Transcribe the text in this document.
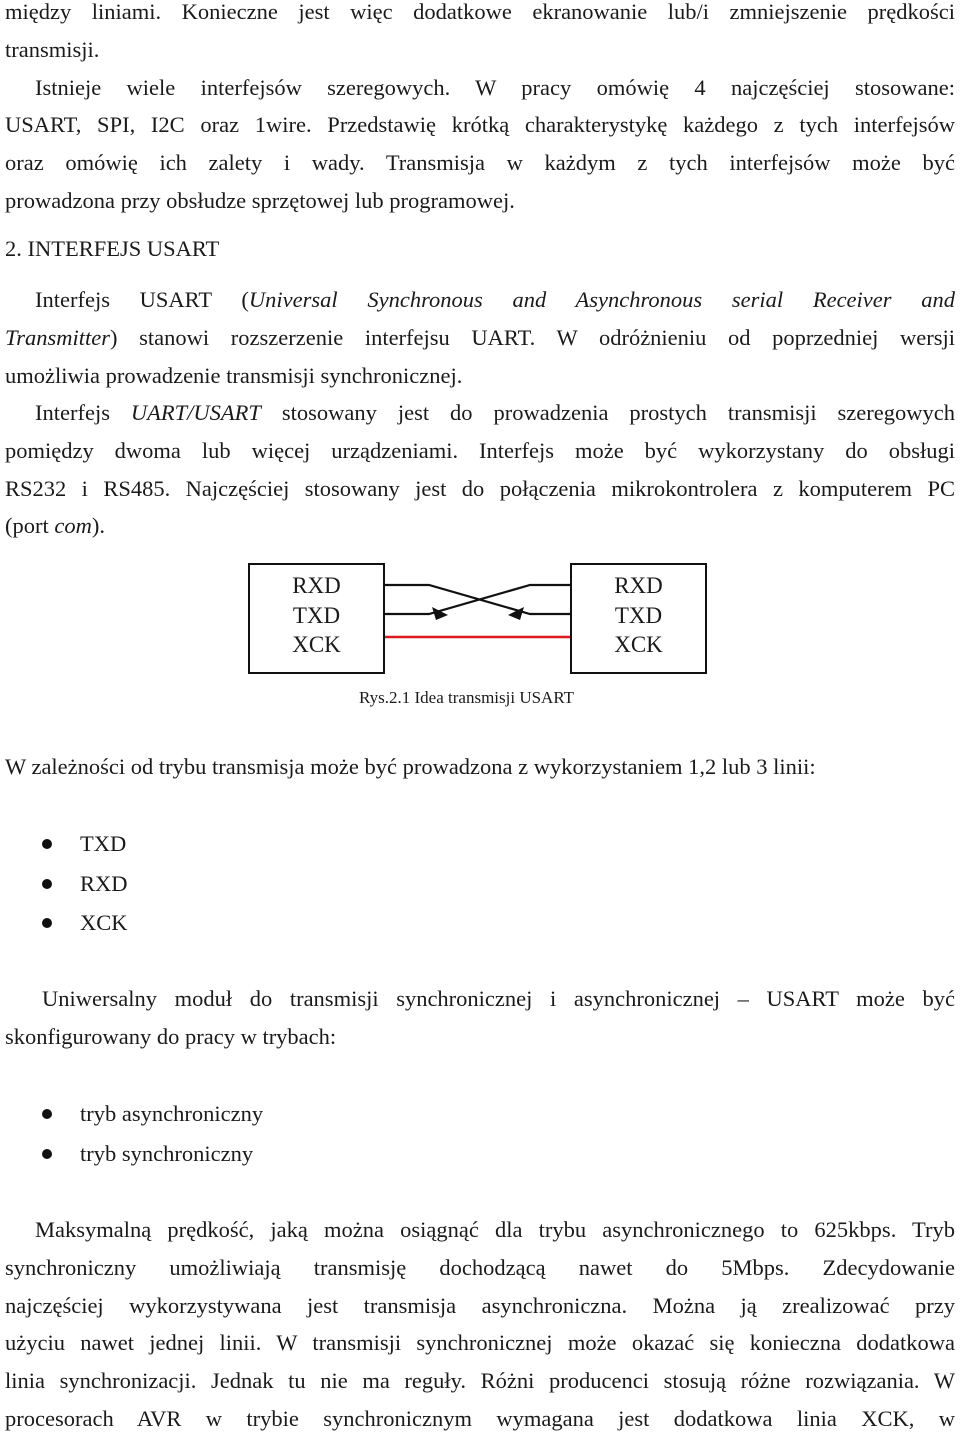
między liniami. Konieczne jest więc dodatkowe ekranowanie lub/i zmniejszenie prędkości
transmisji.
Istnieje wiele interfejsów szeregowych. W pracy omówię 4 najczęściej stosowane:
USART, SPI, I2C oraz 1wire. Przedstawię krótką charakterystykę każdego z tych interfejsów
oraz omówię ich zalety i wady. Transmisja w każdym z tych interfejsów może być
prowadzona przy obsłudze sprzętowej lub programowej.
2. INTERFEJS USART
Interfejs USART (Universal Synchronous and Asynchronous serial Receiver and
Transmitter) stanowi rozszerzenie interfejsu UART. W odróżnieniu od poprzedniej wersji
umożliwia prowadzenie transmisji synchronicznej.
Interfejs UART/USART stosowany jest do prowadzenia prostych transmisji szeregowych
pomiędzy dwoma lub więcej urządzeniami. Interfejs może być wykorzystany do obsługi
RS232 i RS485. Najczęściej stosowany jest do połączenia mikrokontrolera z komputerem PC
(port com).
RXD
TXD
XCK
RXD
TXD
XCK

Rys.2.1 Idea transmisji USART

W zależności od trybu transmisja może być prowadzona z wykorzystaniem 1,2 lub 3 linii:
TXD
RXD
XCK
Uniwersalny moduł do transmisji synchronicznej i asynchronicznej – USART może być
skonfigurowany do pracy w trybach:
tryb asynchroniczny
tryb synchroniczny
Maksymalną prędkość, jaką można osiągnąć dla trybu asynchronicznego to 625kbps. Tryb
synchroniczny umożliwiają transmisję dochodzącą nawet do 5Mbps. Zdecydowanie
najczęściej wykorzystywana jest transmisja asynchroniczna. Można ją zrealizować przy
użyciu nawet jednej linii. W transmisji synchronicznej może okazać się konieczna dodatkowa
linia synchronizacji. Jednak tu nie ma reguły. Różni producenci stosują różne rozwiązania. W
procesorach AVR w trybie synchronicznym wymagana jest dodatkowa linia XCK, w
